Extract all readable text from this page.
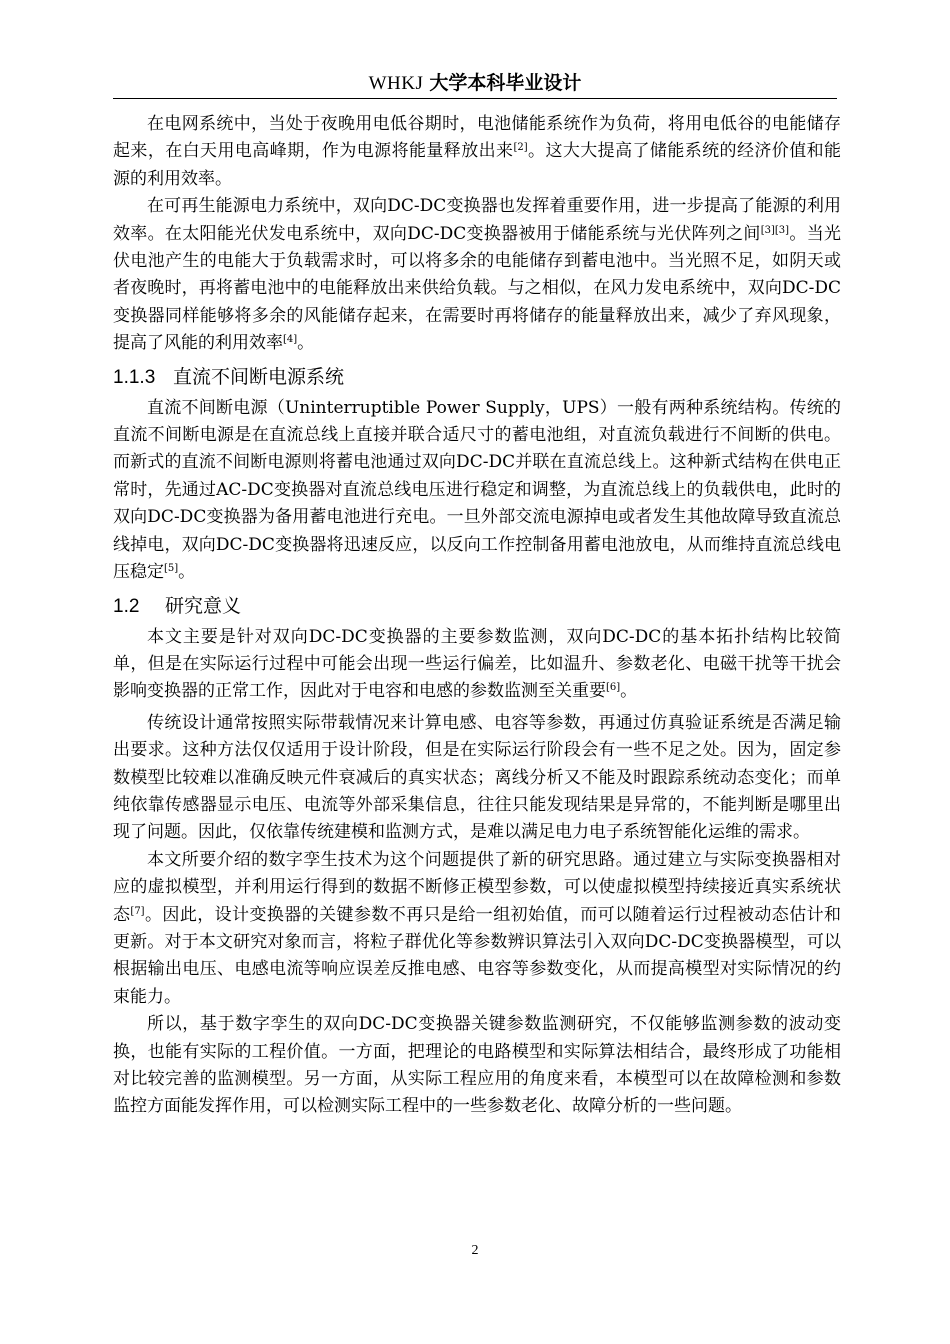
WHKJ 大学本科毕业设计

在电网系统中，当处于夜晚用电低谷期时，电池储能系统作为负荷，将用电低谷的电能储存起来，在白天用电高峰期，作为电源将能量释放出来[2]。这大大提高了储能系统的经济价值和能源的利用效率。

在可再生能源电力系统中，双向DC-DC变换器也发挥着重要作用，进一步提高了能源的利用效率。在太阳能光伏发电系统中，双向DC-DC变换器被用于储能系统与光伏阵列之间[3][3]。当光伏电池产生的电能大于负载需求时，可以将多余的电能储存到蓄电池中。当光照不足，如阴天或者夜晚时，再将蓄电池中的电能释放出来供给负载。与之相似，在风力发电系统中，双向DC-DC变换器同样能够将多余的风能储存起来，在需要时再将储存的能量释放出来，减少了弃风现象，提高了风能的利用效率[4]。

1.1.3 直流不间断电源系统

直流不间断电源（Uninterruptible Power Supply，UPS）一般有两种系统结构。传统的直流不间断电源是在直流总线上直接并联合适尺寸的蓄电池组，对直流负载进行不间断的供电。而新式的直流不间断电源则将蓄电池通过双向DC-DC并联在直流总线上。这种新式结构在供电正常时，先通过AC-DC变换器对直流总线电压进行稳定和调整，为直流总线上的负载供电，此时的双向DC-DC变换器为备用蓄电池进行充电。一旦外部交流电源掉电或者发生其他故障导致直流总线掉电，双向DC-DC变换器将迅速反应，以反向工作控制备用蓄电池放电，从而维持直流总线电压稳定[5]。

1.2 研究意义

本文主要是针对双向DC-DC变换器的主要参数监测，双向DC-DC的基本拓扑结构比较简单，但是在实际运行过程中可能会出现一些运行偏差，比如温升、参数老化、电磁干扰等干扰会影响变换器的正常工作，因此对于电容和电感的参数监测至关重要[6]。

传统设计通常按照实际带载情况来计算电感、电容等参数，再通过仿真验证系统是否满足输出要求。这种方法仅仅适用于设计阶段，但是在实际运行阶段会有一些不足之处。因为，固定参数模型比较难以准确反映元件衰减后的真实状态；离线分析又不能及时跟踪系统动态变化；而单纯依靠传感器显示电压、电流等外部采集信息，往往只能发现结果是异常的，不能判断是哪里出现了问题。因此，仅依靠传统建模和监测方式，是难以满足电力电子系统智能化运维的需求。

本文所要介绍的数字孪生技术为这个问题提供了新的研究思路。通过建立与实际变换器相对应的虚拟模型，并利用运行得到的数据不断修正模型参数，可以使虚拟模型持续接近真实系统状态[7]。因此，设计变换器的关键参数不再只是给一组初始值，而可以随着运行过程被动态估计和更新。对于本文研究对象而言，将粒子群优化等参数辨识算法引入双向DC-DC变换器模型，可以根据输出电压、电感电流等响应误差反推电感、电容等参数变化，从而提高模型对实际情况的约束能力。

所以，基于数字孪生的双向DC-DC变换器关键参数监测研究，不仅能够监测参数的波动变换，也能有实际的工程价值。一方面，把理论的电路模型和实际算法相结合，最终形成了功能相对比较完善的监测模型。另一方面，从实际工程应用的角度来看，本模型可以在故障检测和参数监控方面能发挥作用，可以检测实际工程中的一些参数老化、故障分析的一些问题。

2
